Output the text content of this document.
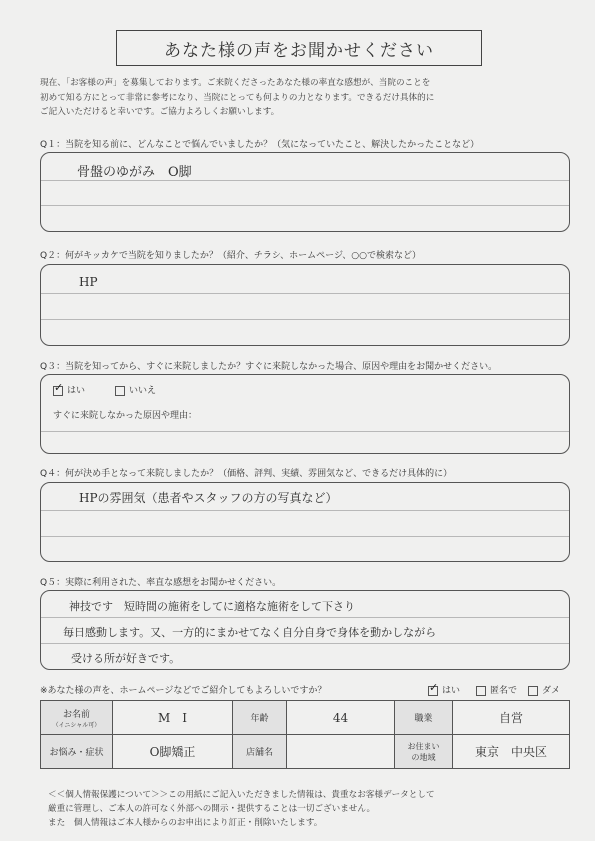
あなた様の声をお聞かせください
現在、「お客様の声」を募集しております。ご来院くださったあなた様の率直な感想が、当院のことを
初めて知る方にとって非常に参考になり、当院にとっても何よりの力となります。できるだけ具体的に
ご記入いただけると幸いです。ご協力よろしくお願いします。
Q１：当院を知る前に、どんなことで悩んでいましたか？（気になっていたこと、解決したかったことなど）
骨盤のゆがみ　O脚
Q２：何がキッカケで当院を知りましたか？（紹介、チラシ、ホームページ、○○で検索など）
HP
Q３：当院を知ってから、すぐに来院しましたか？すぐに来院しなかった場合、原因や理由をお聞かせください。
✓はい	いいえ
すぐに来院しなかった原因や理由：
Q４：何が決め手となって来院しましたか？（価格、評判、実績、雰囲気など、できるだけ具体的に）
HPの雰囲気（患者やスタッフの方の写真など）
Q５：実際に利用された、率直な感想をお聞かせください。
神技です　短時間の施術をしてに適格な施術をして下さり
毎日感動します。又、一方的にまかせてなく自分自身で身体を動かしながら
受ける所が好きです。
※あなた様の声を、ホームページなどでご紹介してもよろしいですか？ ✓	はい	匿名で	ダメ
お名前
（イニシャル可）	M　I	年齢	44	職業	自営
お悩み・症状	O脚矯正	店舗名		お住まい
の地域	東京　中央区
＜＜個人情報保護について＞＞この用紙にご記入いただきました情報は、貴重なお客様データとして
厳重に管理し、ご本人の許可なく外部への開示・提供することは一切ございません。
また　個人情報はご本人様からのお申出により訂正・削除いたします。
